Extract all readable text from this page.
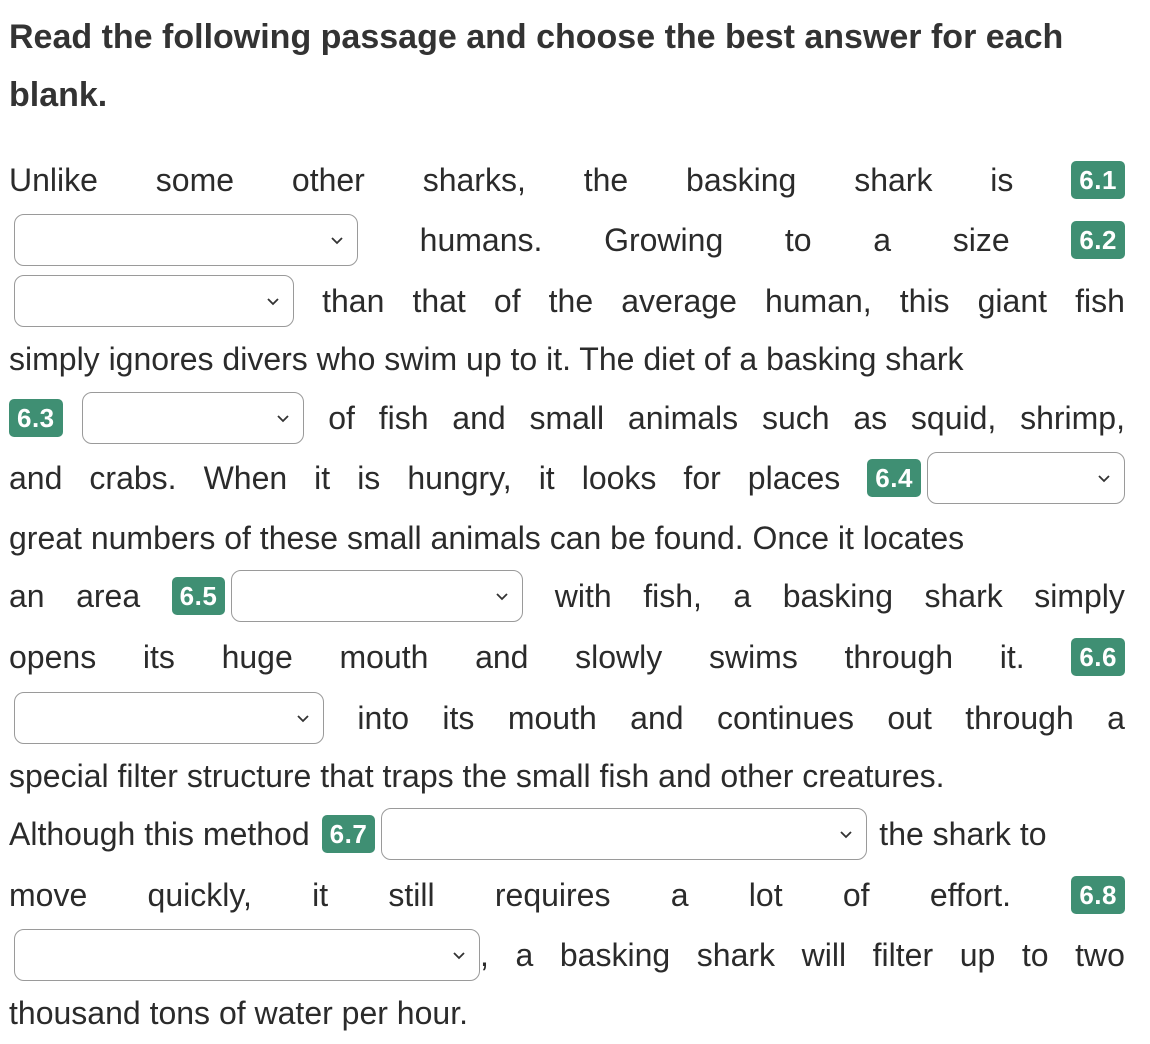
Read the following passage and choose the best answer for each blank.

Unlike some other sharks, the basking shark is	6.1
humans. Growing to a size	6.2
than that of the average human, this giant fish
simply ignores divers who swim up to it. The diet of a basking shark
6.3	of fish and small animals such as squid, shrimp,
and crabs. When it is hungry, it looks for places	6.4
great numbers of these small animals can be found. Once it locates
an area	6.5	with fish, a basking shark simply
opens its huge mouth and slowly swims through it.	6.6
into its mouth and continues out through a
special filter structure that traps the small fish and other creatures.
Although this method 6.7	the shark to
move quickly, it still requires a lot of effort.	6.8
, a basking shark will filter up to two
thousand tons of water per hour.
